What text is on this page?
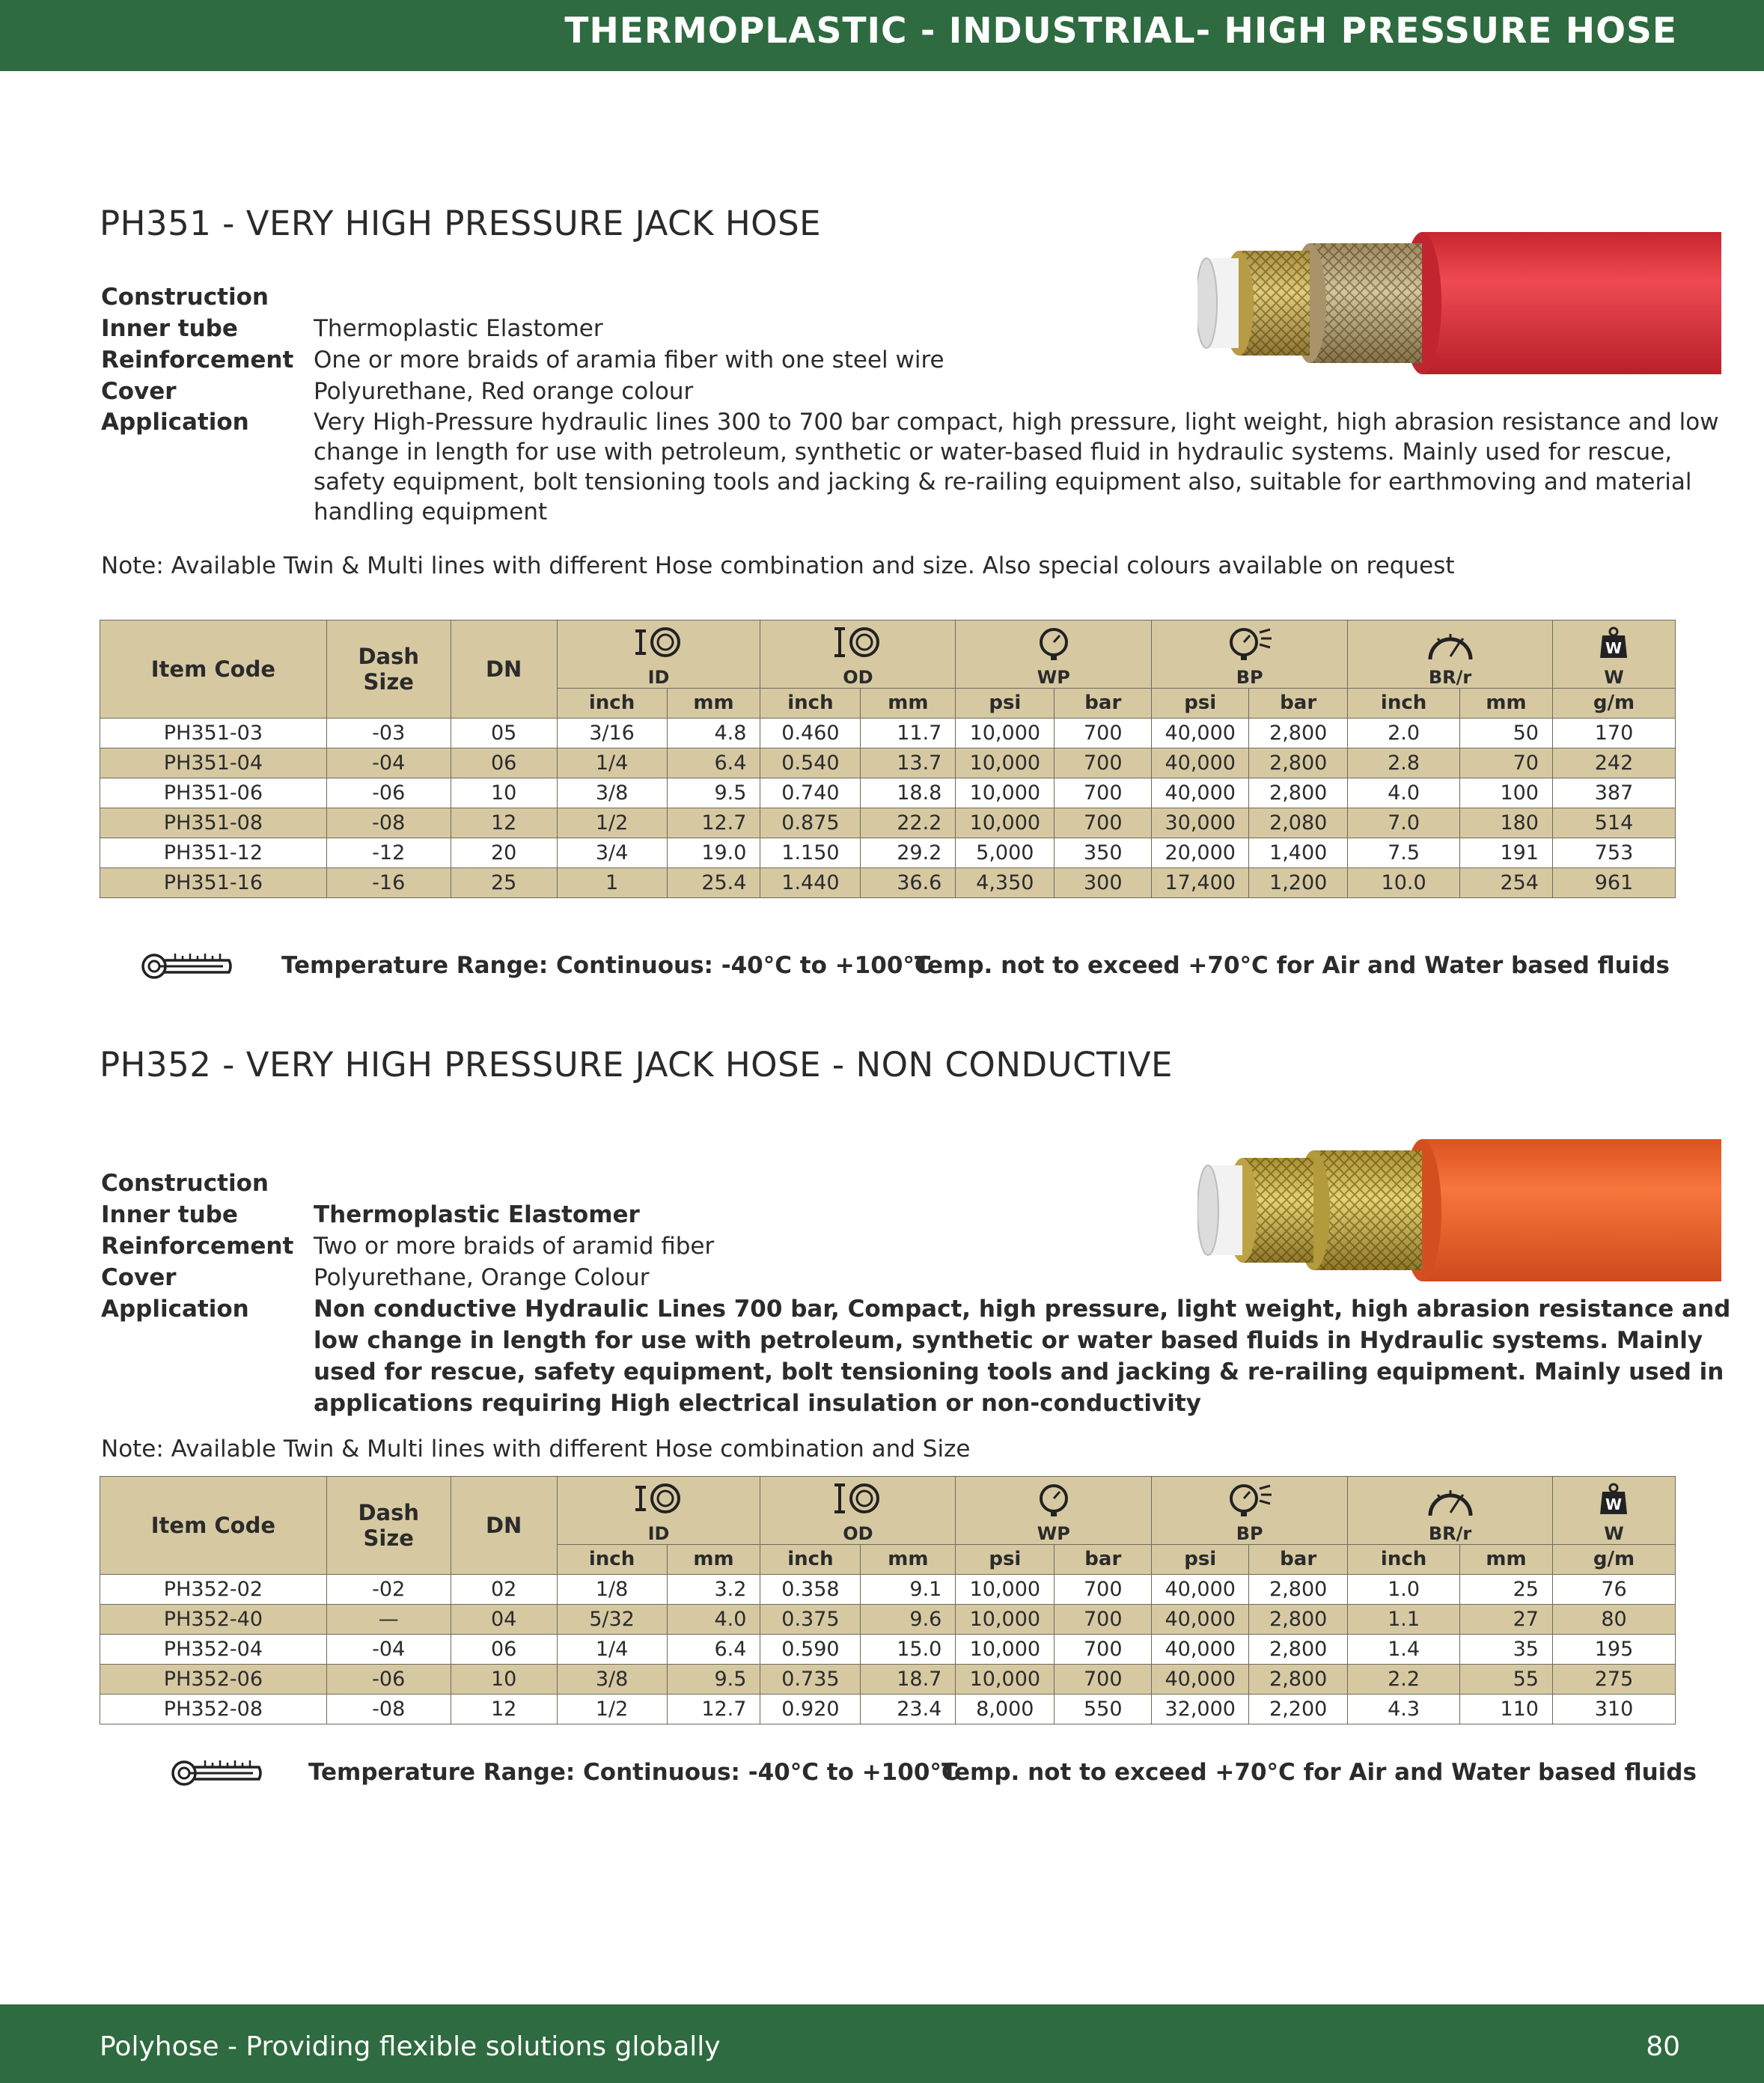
THERMOPLASTIC - INDUSTRIAL- HIGH PRESSURE HOSE
PH351 - VERY HIGH PRESSURE JACK HOSE
Construction
Inner tube	Thermoplastic Elastomer
Reinforcement One or more braids of aramia fiber with one steel wire
Cover	Polyurethane, Red orange colour
Application	Very High-Pressure hydraulic lines 300 to 700 bar compact, high pressure, light weight, high abrasion resistance and low change in length for use with petroleum, synthetic or water-based fluid in hydraulic systems. Mainly used for rescue, safety equipment, bolt tensioning tools and jacking & re-railing equipment also, suitable for earthmoving and material handling equipment
Note: Available Twin & Multi lines with different Hose combination and size. Also special colours available on request
Item Code	Dash Size	DN											W

			ID		OD		WP		BP		BR/r		W
			inch	mm	inch	mm	psi	bar	psi	bar	inch	mm	g/m
PH351-03	-03	05	3/16	4.8	0.460	11.7	10,000	700	40,000	2,800	2.0	50	170
PH351-04	-04	06	1/4	6.4	0.540	13.7	10,000	700	40,000	2,800	2.8	70	242
PH351-06	-06	10	3/8	9.5	0.740	18.8	10,000	700	40,000	2,800	4.0	100	387
PH351-08	-08	12	1/2	12.7	0.875	22.2	10,000	700	30,000	2,080	7.0	180	514
PH351-12	-12	20	3/4	19.0	1.150	29.2	5,000	350	20,000	1,400	7.5	191	753
PH351-16	-16	25	1	25.4	1.440	36.6	4,350	300	17,400	1,200	10.0	254	961
Temperature Range: Continuous: -40°C to +100°C
Temp. not to exceed +70°C for Air and Water based fluids
PH352 - VERY HIGH PRESSURE JACK HOSE - NON CONDUCTIVE
Construction
Inner tube	Thermoplastic Elastomer
Reinforcement Two or more braids of aramid fiber
Cover	Polyurethane, Orange Colour
Application	Non conductive Hydraulic Lines 700 bar, Compact, high pressure, light weight, high abrasion resistance and low change in length for use with petroleum, synthetic or water based fluids in Hydraulic systems. Mainly used for rescue, safety equipment, bolt tensioning tools and jacking & re-railing equipment. Mainly used in applications requiring High electrical insulation or non-conductivity
Note: Available Twin & Multi lines with different Hose combination and Size
Item Code	Dash Size	DN											W

			ID		OD		WP		BP		BR/r		W
			inch	mm	inch	mm	psi	bar	psi	bar	inch	mm	g/m
PH352-02	-02	02	1/8	3.2	0.358	9.1	10,000	700	40,000	2,800	1.0	25	76
PH352-40	—	04	5/32	4.0	0.375	9.6	10,000	700	40,000	2,800	1.1	27	80
PH352-04	-04	06	1/4	6.4	0.590	15.0	10,000	700	40,000	2,800	1.4	35	195
PH352-06	-06	10	3/8	9.5	0.735	18.7	10,000	700	40,000	2,800	2.2	55	275
PH352-08	-08	12	1/2	12.7	0.920	23.4	8,000	550	32,000	2,200	4.3	110	310
Temperature Range: Continuous: -40°C to +100°C
Temp. not to exceed +70°C for Air and Water based fluids
Polyhose - Providing flexible solutions globally	80
